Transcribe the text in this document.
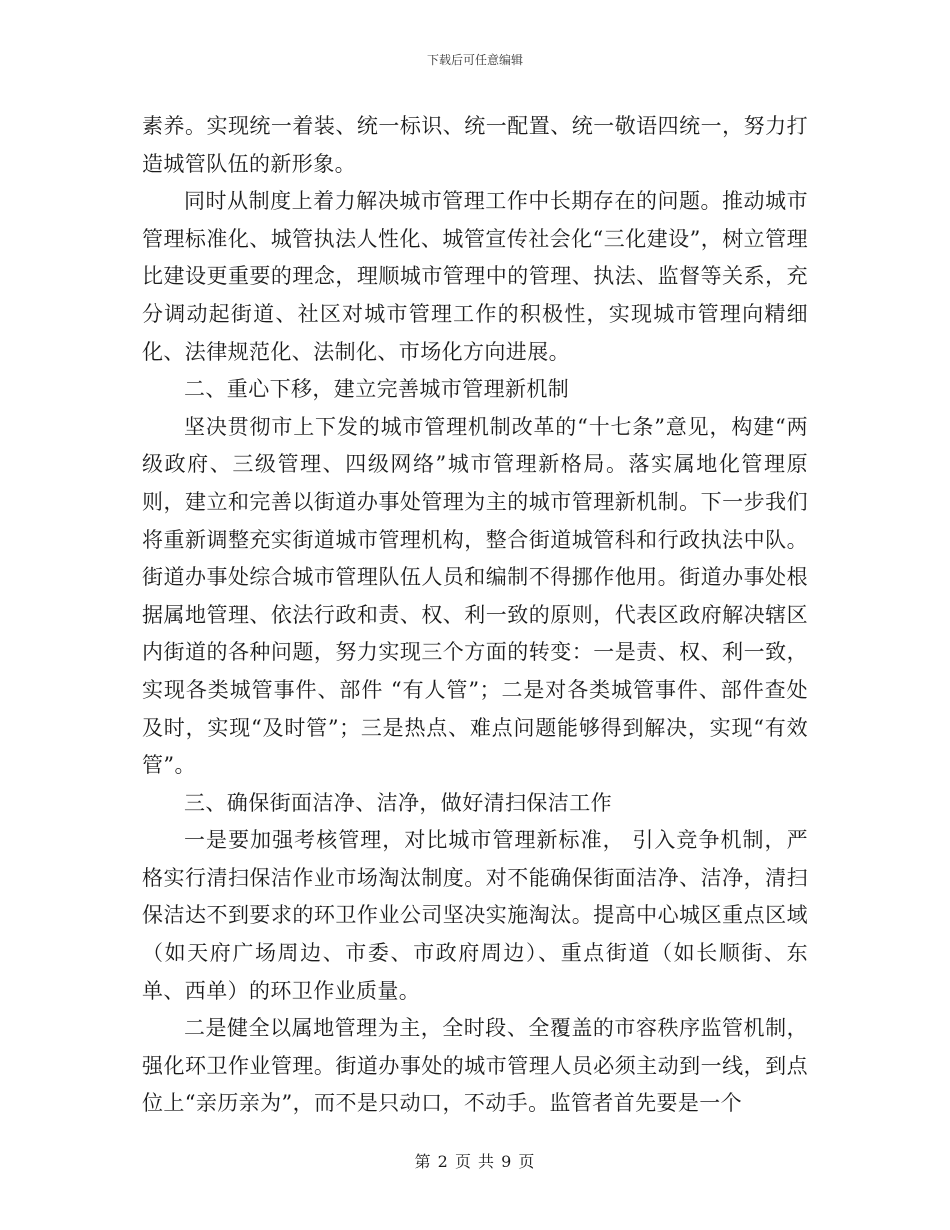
下载后可任意编辑

素养。实现统一着装、统一标识、统一配置、统一敬语四统一，努力打造城管队伍的新形象。

同时从制度上着力解决城市管理工作中长期存在的问题。推动城市管理标准化、城管执法人性化、城管宣传社会化“三化建设”，树立管理比建设更重要的理念，理顺城市管理中的管理、执法、监督等关系，充分调动起街道、社区对城市管理工作的积极性，实现城市管理向精细化、法律规范化、法制化、市场化方向进展。

二、重心下移，建立完善城市管理新机制

坚决贯彻市上下发的城市管理机制改革的“十七条”意见，构建“两级政府、三级管理、四级网络”城市管理新格局。落实属地化管理原则，建立和完善以街道办事处管理为主的城市管理新机制。下一步我们将重新调整充实街道城市管理机构，整合街道城管科和行政执法中队。街道办事处综合城市管理队伍人员和编制不得挪作他用。街道办事处根据属地管理、依法行政和责、权、利一致的原则，代表区政府解决辖区内街道的各种问题，努力实现三个方面的转变：一是责、权、利一致，实现各类城管事件、部件 “有人管”；二是对各类城管事件、部件查处及时，实现“及时管”；三是热点、难点问题能够得到解决，实现“有效管”。

三、确保街面洁净、洁净，做好清扫保洁工作

一是要加强考核管理，对比城市管理新标准， 引入竞争机制，严格实行清扫保洁作业市场淘汰制度。对不能确保街面洁净、洁净，清扫保洁达不到要求的环卫作业公司坚决实施淘汰。提高中心城区重点区域（如天府广场周边、市委、市政府周边）、重点街道（如长顺街、东单、西单）的环卫作业质量。

二是健全以属地管理为主，全时段、全覆盖的市容秩序监管机制，强化环卫作业管理。街道办事处的城市管理人员必须主动到一线，到点位上“亲历亲为”，而不是只动口，不动手。监管者首先要是一个

第 2 页 共 9 页
